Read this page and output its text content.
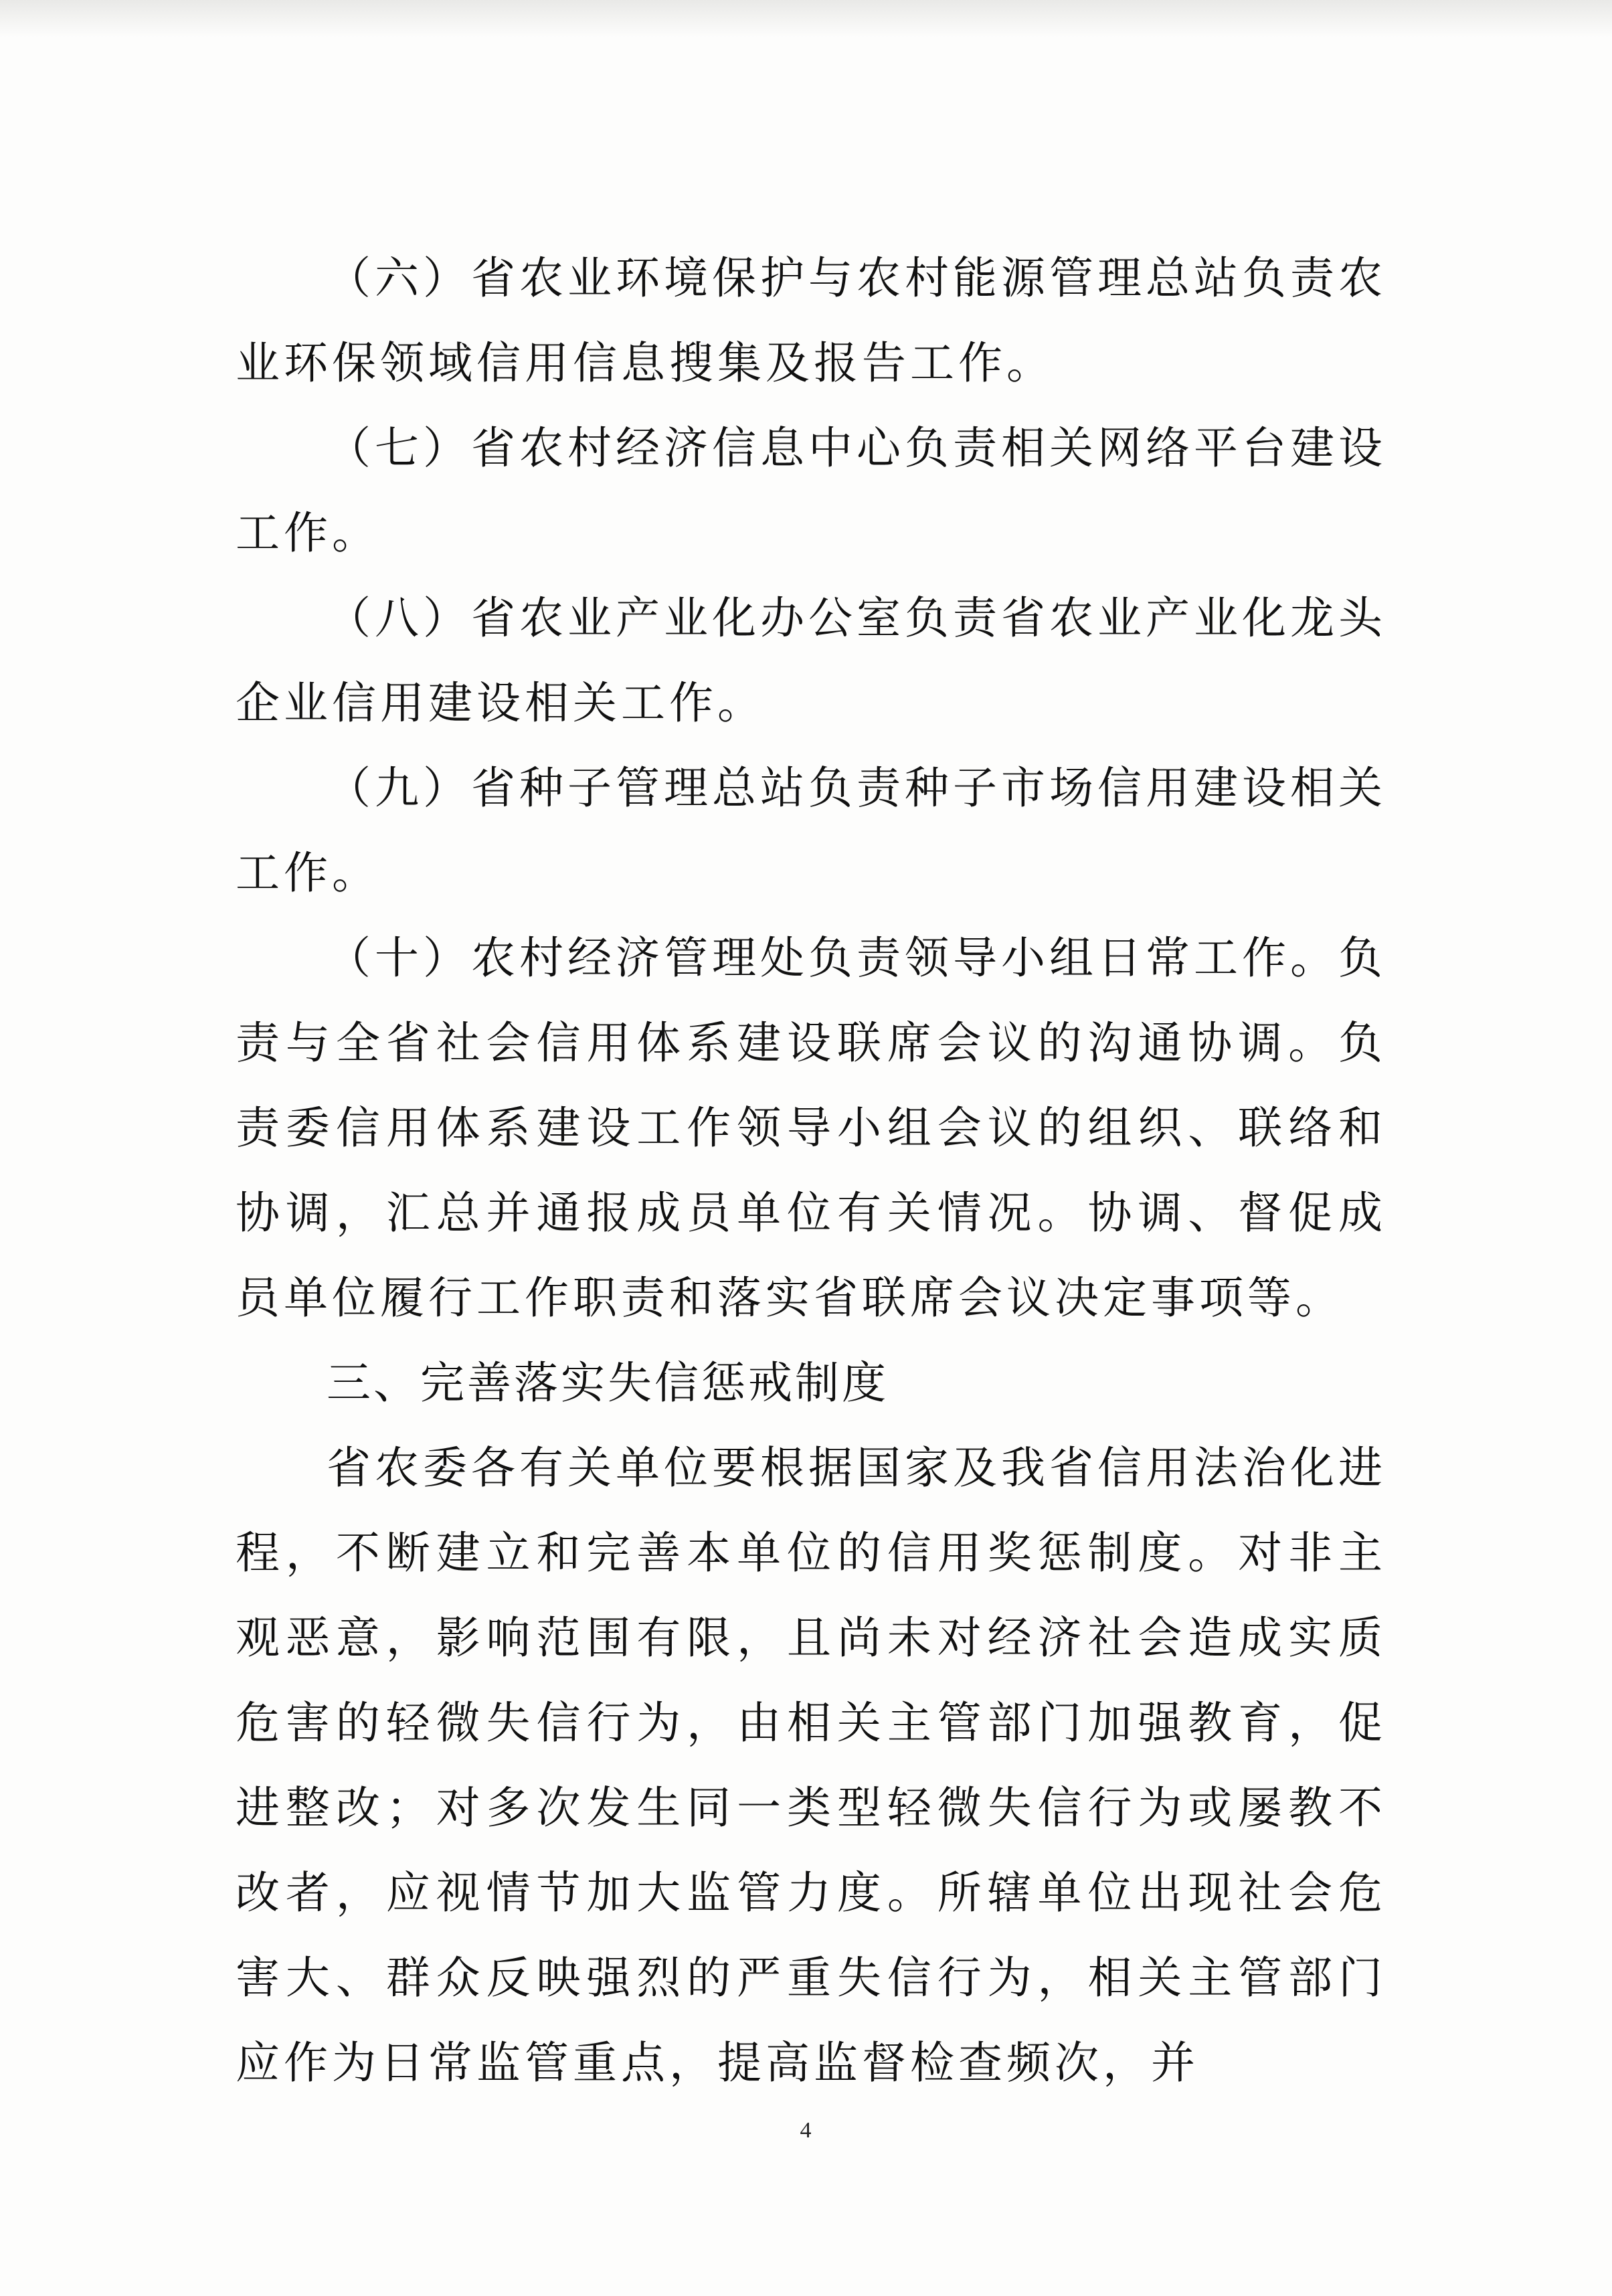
（六）省农业环境保护与农村能源管理总站负责农业环保领域信用信息搜集及报告工作。

（七）省农村经济信息中心负责相关网络平台建设工作。

（八）省农业产业化办公室负责省农业产业化龙头企业信用建设相关工作。

（九）省种子管理总站负责种子市场信用建设相关工作。

（十）农村经济管理处负责领导小组日常工作。负责与全省社会信用体系建设联席会议的沟通协调。负责委信用体系建设工作领导小组会议的组织、联络和协调，汇总并通报成员单位有关情况。协调、督促成员单位履行工作职责和落实省联席会议决定事项等。

三、完善落实失信惩戒制度

省农委各有关单位要根据国家及我省信用法治化进程，不断建立和完善本单位的信用奖惩制度。对非主观恶意，影响范围有限，且尚未对经济社会造成实质危害的轻微失信行为，由相关主管部门加强教育，促进整改；对多次发生同一类型轻微失信行为或屡教不改者，应视情节加大监管力度。所辖单位出现社会危害大、群众反映强烈的严重失信行为，相关主管部门应作为日常监管重点，提高监督检查频次，并

4
